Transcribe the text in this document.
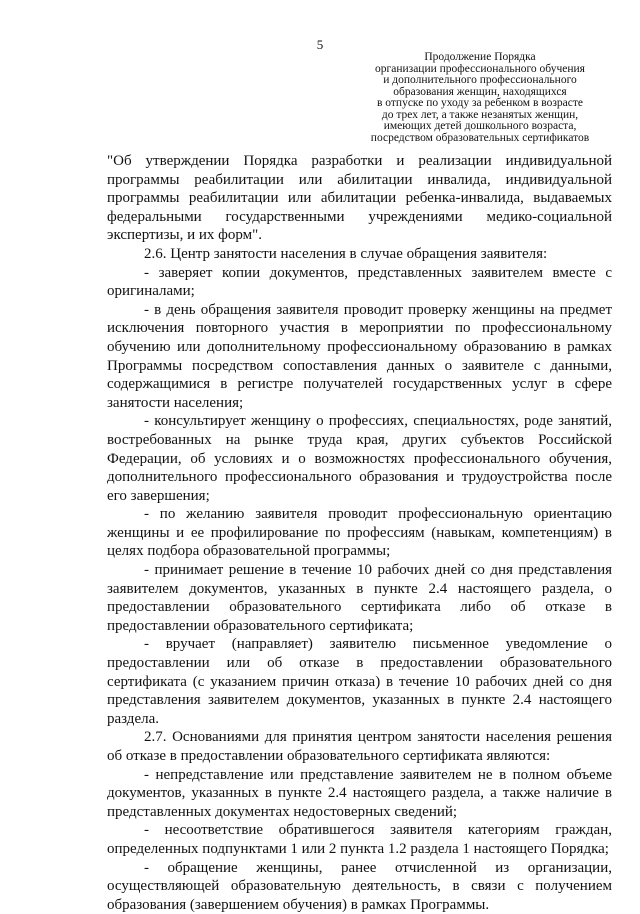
5
Продолжение Порядка
организации профессионального обучения
и дополнительного профессионального
образования женщин, находящихся
в отпуске по уходу за ребенком в возрасте
до трех лет, а также незанятых женщин,
имеющих детей дошкольного возраста,
посредством образовательных сертификатов

"Об утверждении Порядка разработки и реализации индивидуальной программы реабилитации или абилитации инвалида, индивидуальной программы реабилитации или абилитации ребенка-инвалида, выдаваемых федеральными государственными учреждениями медико-социальной экспертизы, и их форм".

2.6. Центр занятости населения в случае обращения заявителя:

- заверяет копии документов, представленных заявителем вместе с оригиналами;

- в день обращения заявителя проводит проверку женщины на предмет исключения повторного участия в мероприятии по профессиональному обучению или дополнительному профессиональному образованию в рамках Программы посредством сопоставления данных о заявителе с данными, содержащимися в регистре получателей государственных услуг в сфере занятости населения;

- консультирует женщину о профессиях, специальностях, роде занятий, востребованных на рынке труда края, других субъектов Российской Федерации, об условиях и о возможностях профессионального обучения, дополнительного профессионального образования и трудоустройства после его завершения;

- по желанию заявителя проводит профессиональную ориентацию женщины и ее профилирование по профессиям (навыкам, компетенциям) в целях подбора образовательной программы;

- принимает решение в течение 10 рабочих дней со дня представления заявителем документов, указанных в пункте 2.4 настоящего раздела, о предоставлении образовательного сертификата либо об отказе в предоставлении образовательного сертификата;

- вручает (направляет) заявителю письменное уведомление о предоставлении или об отказе в предоставлении образовательного сертификата (с указанием причин отказа) в течение 10 рабочих дней со дня представления заявителем документов, указанных в пункте 2.4 настоящего раздела.

2.7. Основаниями для принятия центром занятости населения решения об отказе в предоставлении образовательного сертификата являются:

- непредставление или представление заявителем не в полном объеме документов, указанных в пункте 2.4 настоящего раздела, а также наличие в представленных документах недостоверных сведений;

- несоответствие обратившегося заявителя категориям граждан, определенных подпунктами 1 или 2 пункта 1.2 раздела 1 настоящего Порядка;

- обращение женщины, ранее отчисленной из организации, осуществляющей образовательную деятельность, в связи с получением образования (завершением обучения) в рамках Программы.
